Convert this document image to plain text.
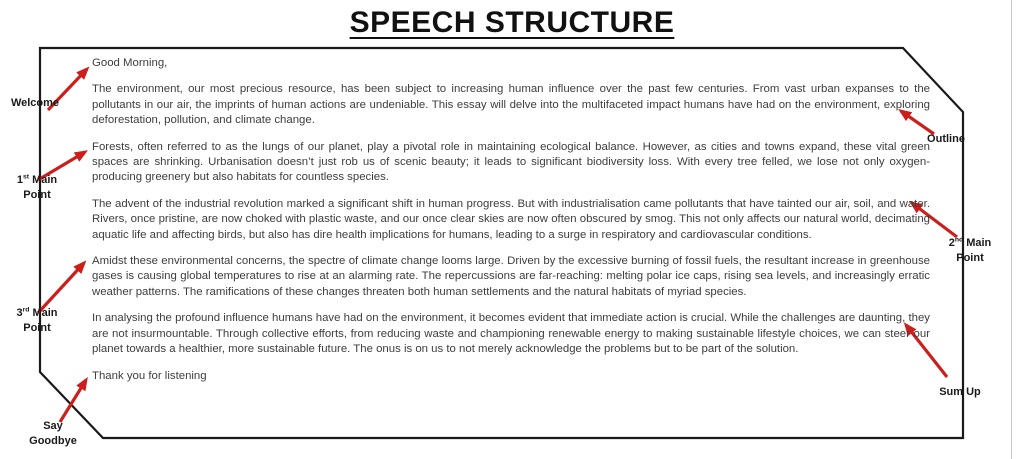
SPEECH STRUCTURE

Good Morning,

The environment, our most precious resource, has been subject to increasing human influence over the past few centuries. From vast urban expanses to the pollutants in our air, the imprints of human actions are undeniable. This essay will delve into the multifaceted impact humans have had on the environment, exploring deforestation, pollution, and climate change.

Forests, often referred to as the lungs of our planet, play a pivotal role in maintaining ecological balance. However, as cities and towns expand, these vital green spaces are shrinking. Urbanisation doesn’t just rob us of scenic beauty; it leads to significant biodiversity loss. With every tree felled, we lose not only oxygen-producing greenery but also habitats for countless species.

The advent of the industrial revolution marked a significant shift in human progress. But with industrialisation came pollutants that have tainted our air, soil, and water. Rivers, once pristine, are now choked with plastic waste, and our once clear skies are now often obscured by smog. This not only affects our natural world, decimating aquatic life and affecting birds, but also has dire health implications for humans, leading to a surge in respiratory and cardiovascular conditions.

Amidst these environmental concerns, the spectre of climate change looms large. Driven by the excessive burning of fossil fuels, the resultant increase in greenhouse gases is causing global temperatures to rise at an alarming rate. The repercussions are far-reaching: melting polar ice caps, rising sea levels, and increasingly erratic weather patterns. The ramifications of these changes threaten both human settlements and the natural habitats of myriad species.

In analysing the profound influence humans have had on the environment, it becomes evident that immediate action is crucial. While the challenges are daunting, they are not insurmountable. Through collective efforts, from reducing waste and championing renewable energy to making sustainable lifestyle choices, we can steer our planet towards a healthier, more sustainable future. The onus is on us to not merely acknowledge the problems but to be part of the solution.

Thank you for listening

Welcome
1st Main
Point
3rd Main
Point
Outline
2nd Main
Point
Sum Up
Say
Goodbye
